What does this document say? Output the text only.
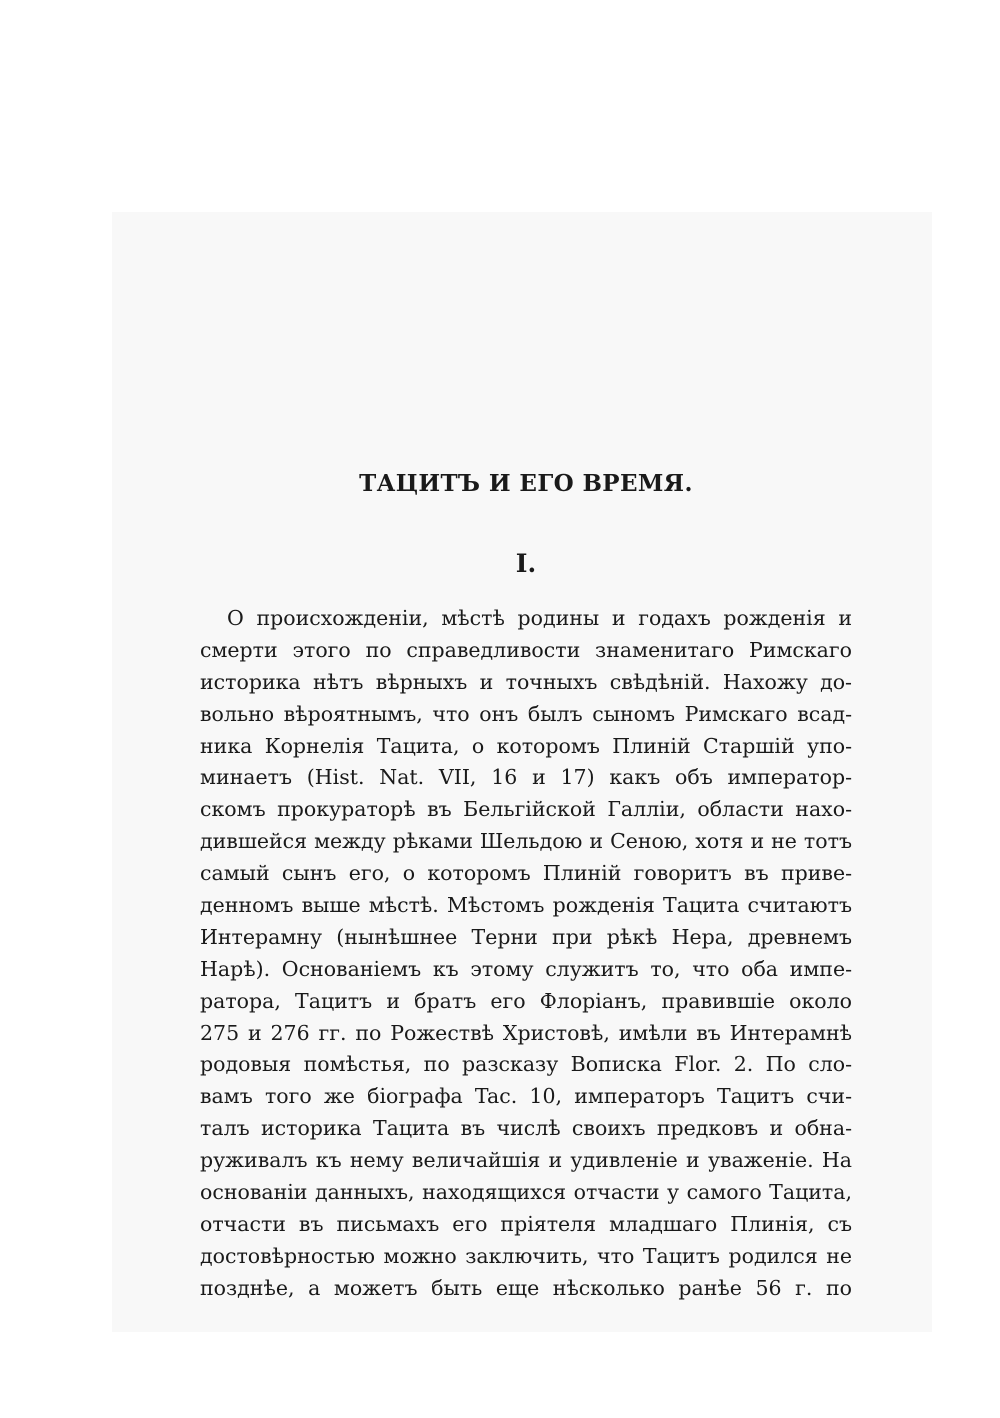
ТАЦИТЪ И ЕГО ВРЕМЯ.
I.
О происхожденіи, мѣстѣ родины и годахъ рожденія и
смерти этого по справедливости знаменитаго Римскаго
историка нѣтъ вѣрныхъ и точныхъ свѣдѣній. Нахожу до-
вольно вѣроятнымъ, что онъ былъ сыномъ Римскаго всад-
ника Корнелія Тацита, о которомъ Плиній Старшій упо-
минаетъ (Hist. Nat. VII, 16 и 17) какъ объ император-
скомъ прокураторѣ въ Бельгійской Галліи, области нахо-
дившейся между рѣками Шельдою и Сеною, хотя и не тотъ
самый сынъ его, о которомъ Плиній говоритъ въ приве-
денномъ выше мѣстѣ. Мѣстомъ рожденія Тацита считаютъ
Интерамну (нынѣшнее Терни при рѣкѣ Нера, древнемъ
Нарѣ). Основаніемъ къ этому служитъ то, что оба импе-
ратора, Тацитъ и братъ его Флоріанъ, правившіе около
275 и 276 гг. по Рожествѣ Христовѣ, имѣли въ Интерамнѣ
родовыя помѣстья, по разсказу Вописка Flor. 2. По сло-
вамъ того же біографа Tac. 10, императоръ Тацитъ счи-
талъ историка Тацита въ числѣ своихъ предковъ и обна-
руживалъ къ нему величайшія и удивленіе и уваженіе. На
основаніи данныхъ, находящихся отчасти у самого Тацита,
отчасти въ письмахъ его пріятеля младшаго Плинія, съ
достовѣрностью можно заключить, что Тацитъ родился не
позднѣе, а можетъ быть еще нѣсколько ранѣе 56 г. по
